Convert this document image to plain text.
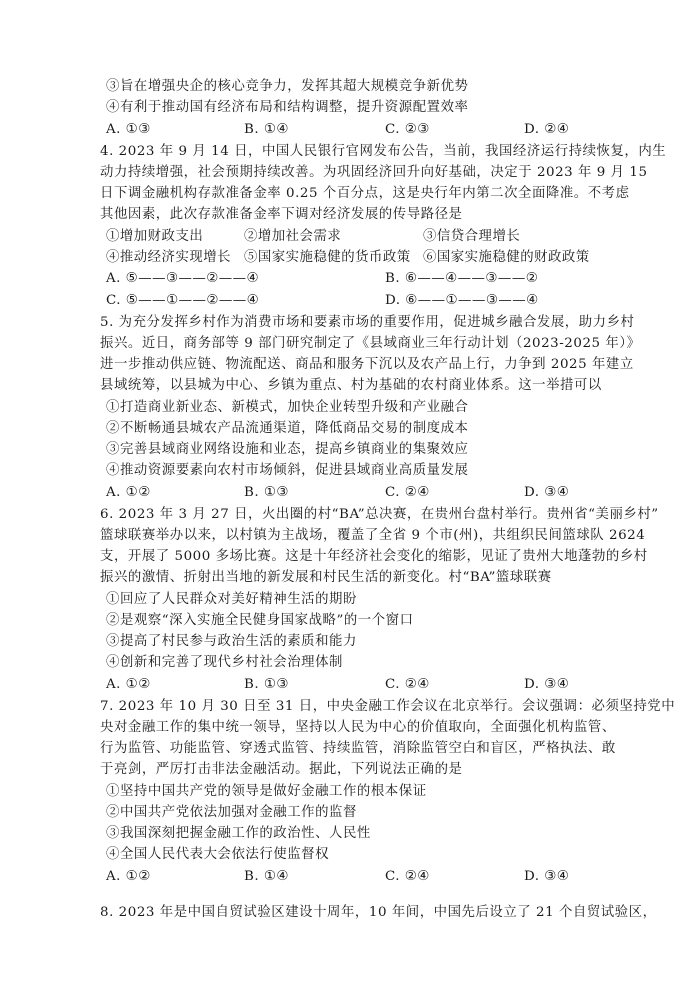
③旨在增强央企的核心竞争力，发挥其超大规模竞争新优势
④有利于推动国有经济布局和结构调整，提升资源配置效率
A. ①③	B. ①④	C. ②③	D. ②④
4. 2023 年 9 月 14 日，中国人民银行官网发布公告，当前，我国经济运行持续恢复，内生
动力持续增强，社会预期持续改善。为巩固经济回升向好基础，决定于 2023 年 9 月 15
日下调金融机构存款准备金率 0.25 个百分点，这是央行年内第二次全面降准。不考虑
其他因素，此次存款准备金率下调对经济发展的传导路径是
①增加财政支出	②增加社会需求	③信贷合理增长
④推动经济实现增长 ⑤国家实施稳健的货币政策 ⑥国家实施稳健的财政政策
A. ⑤——③——②——④	B. ⑥——④——③——②
C. ⑤——①——②——④	D. ⑥——①——③——④
5. 为充分发挥乡村作为消费市场和要素市场的重要作用，促进城乡融合发展，助力乡村
振兴。近日，商务部等 9 部门研究制定了《县域商业三年行动计划（2023-2025 年）》
进一步推动供应链、物流配送、商品和服务下沉以及农产品上行，力争到 2025 年建立
县域统筹，以县城为中心、乡镇为重点、村为基础的农村商业体系。这一举措可以
①打造商业新业态、新模式，加快企业转型升级和产业融合
②不断畅通县城农产品流通渠道，降低商品交易的制度成本
③完善县域商业网络设施和业态，提高乡镇商业的集聚效应
④推动资源要素向农村市场倾斜，促进县域商业高质量发展
A. ①②	B. ①③	C. ②④	D. ③④
6. 2023 年 3 月 27 日，火出圈的村“BA”总决赛，在贵州台盘村举行。贵州省“美丽乡村”
篮球联赛举办以来，以村镇为主战场，覆盖了全省 9 个市(州)，共组织民间篮球队 2624
支，开展了 5000 多场比赛。这是十年经济社会变化的缩影，见证了贵州大地蓬勃的乡村
振兴的激情、折射出当地的新发展和村民生活的新变化。村“BA”篮球联赛
①回应了人民群众对美好精神生活的期盼
②是观察“深入实施全民健身国家战略”的一个窗口
③提高了村民参与政治生活的素质和能力
④创新和完善了现代乡村社会治理体制
A. ①②	B. ①③	C. ②④	D. ③④
7. 2023 年 10 月 30 日至 31 日，中央金融工作会议在北京举行。会议强调：必须坚持党中
央对金融工作的集中统一领导，坚持以人民为中心的价值取向，全面强化机构监管、
行为监管、功能监管、穿透式监管、持续监管，消除监管空白和盲区，严格执法、敢
于亮剑，严厉打击非法金融活动。据此，下列说法正确的是
①坚持中国共产党的领导是做好金融工作的根本保证
②中国共产党依法加强对金融工作的监督
③我国深刻把握金融工作的政治性、人民性
④全国人民代表大会依法行使监督权
A. ①②	B. ①④	C. ②④	D. ③④
8. 2023 年是中国自贸试验区建设十周年，10 年间，中国先后设立了 21 个自贸试验区，
